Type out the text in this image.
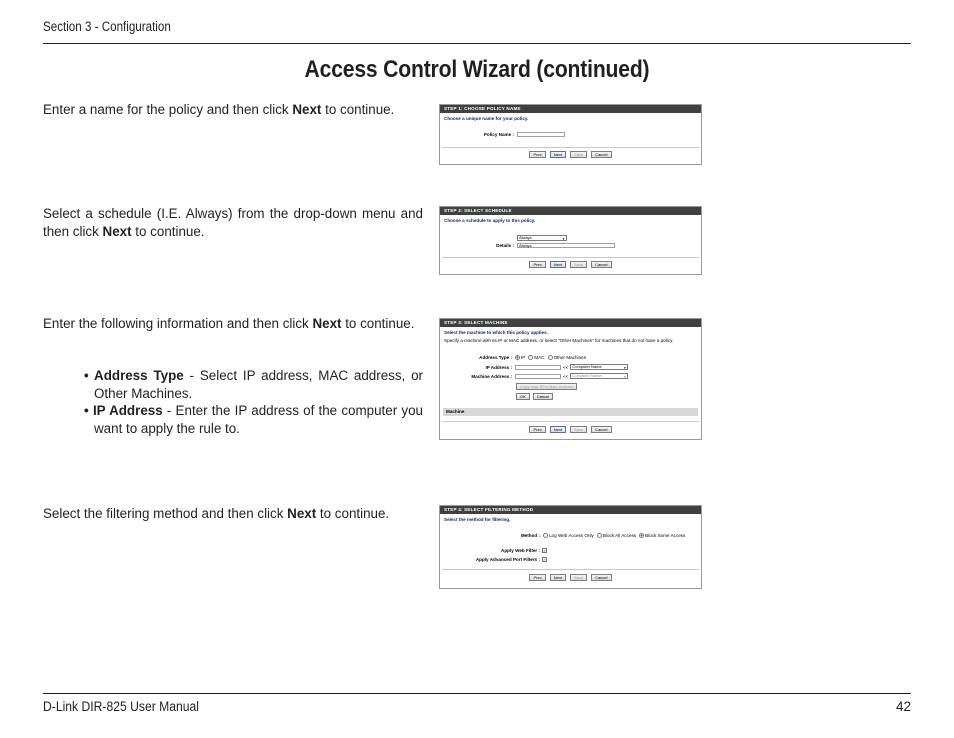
Section 3 - Configuration
Access Control Wizard (continued)
Enter a name for the policy and then click Next to continue.
Select a schedule (I.E. Always) from the drop-down menu and then click Next to continue.
Enter the following information and then click Next to continue.
• Address Type - Select IP address, MAC address, or Other Machines.
• IP Address - Enter the IP address of the computer you want to apply the rule to.
Select the filtering method and then click Next to continue.
STEP 1: CHOOSE POLICY NAME
Choose a unique name for your policy.
Policy Name :
Prev	Next	Save	Cancel
STEP 2: SELECT SCHEDULE
Choose a schedule to apply to this policy.
Always	▼
Details :	Always
Prev	Next	Save	Cancel
STEP 3: SELECT MACHINE
Select the machine to which this policy applies.
Specify a machine with its IP or MAC address, or select "Other Machines" for machines that do not have a policy.
Address Type : IP MAC Other Machines
IP Address :	<<	Computer Name	▼
Machine Address :	<<	Computer Name	▼
Copy Your PC's MAC Address
OK	Cancel
Machine
Prev	Next	Save	Cancel
STEP 4: SELECT FILTERING METHOD
Select the method for filtering.
Method : Log Web Access Only Block All Access Block Some Access
Apply Web Filter : ✓
Apply Advanced Port Filters : ✓
Prev	Next	Save	Cancel
D-Link DIR-825 User Manual	42
